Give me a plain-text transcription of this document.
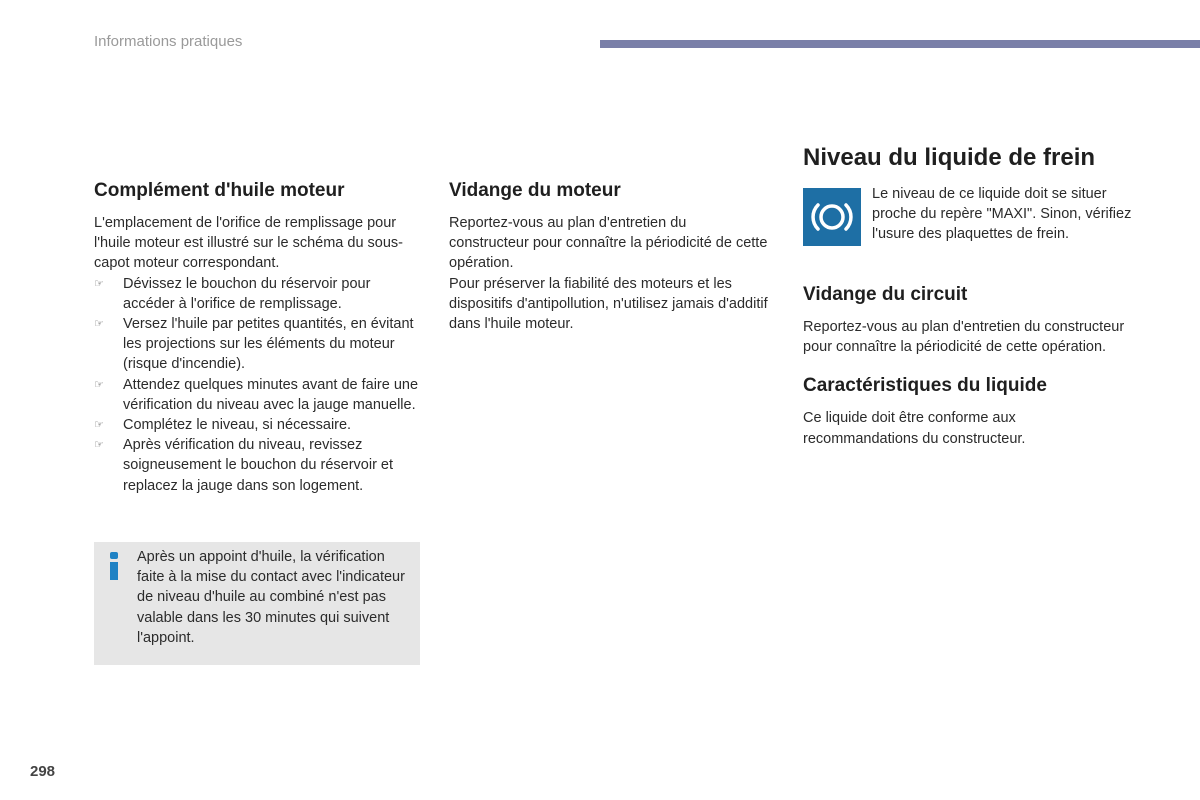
Informations pratiques
Complément d'huile moteur

L'emplacement de l'orifice de remplissage pour l'huile moteur est illustré sur le schéma du sous-capot moteur correspondant.

☞ Dévissez le bouchon du réservoir pour accéder à l'orifice de remplissage.
☞ Versez l'huile par petites quantités, en évitant les projections sur les éléments du moteur (risque d'incendie).
☞ Attendez quelques minutes avant de faire une vérification du niveau avec la jauge manuelle.
☞ Complétez le niveau, si nécessaire.
☞ Après vérification du niveau, revissez soigneusement le bouchon du réservoir et replacez la jauge dans son logement.
Après un appoint d'huile, la vérification faite à la mise du contact avec l'indicateur de niveau d'huile au combiné n'est pas valable dans les 30 minutes qui suivent l'appoint.
Vidange du moteur

Reportez-vous au plan d'entretien du constructeur pour connaître la périodicité de cette opération.

Pour préserver la fiabilité des moteurs et les dispositifs d'antipollution, n'utilisez jamais d'additif dans l'huile moteur.

Niveau du liquide de frein

Le niveau de ce liquide doit se situer proche du repère "MAXI". Sinon, vérifiez l'usure des plaquettes de frein.

Vidange du circuit

Reportez-vous au plan d'entretien du constructeur pour connaître la périodicité de cette opération.

Caractéristiques du liquide

Ce liquide doit être conforme aux recommandations du constructeur.

298
